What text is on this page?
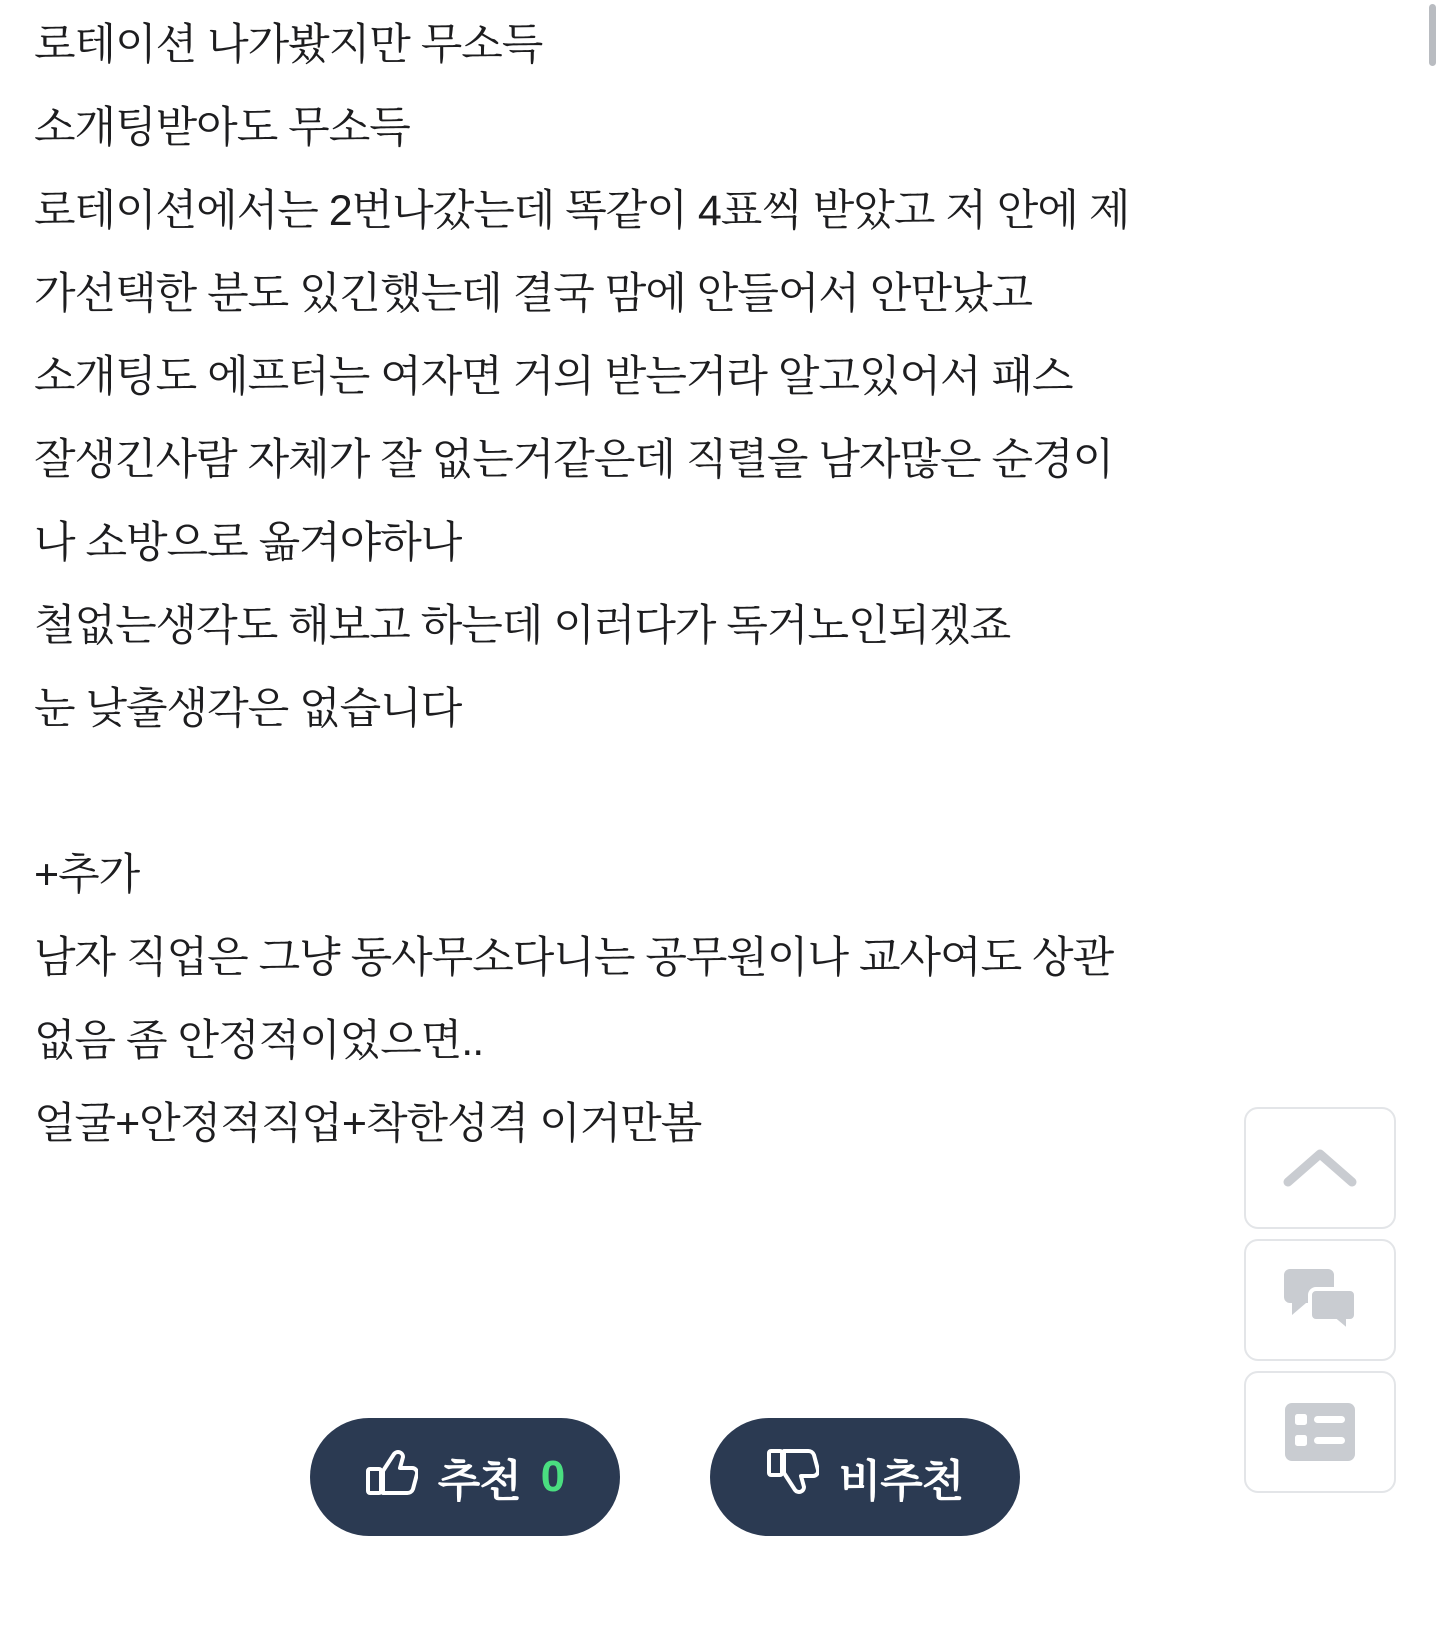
로테이션 나가봤지만 무소득
소개팅받아도 무소득
로테이션에서는 2번나갔는데 똑같이 4표씩 받았고 저 안에 제
가선택한 분도 있긴했는데 결국 맘에 안들어서 안만났고
소개팅도 에프터는 여자면 거의 받는거라 알고있어서 패스
잘생긴사람 자체가 잘 없는거같은데 직렬을 남자많은 순경이
나 소방으로 옮겨야하나
철없는생각도 해보고 하는데 이러다가 독거노인되겠죠
눈 낮출생각은 없습니다
+추가
남자 직업은 그냥 동사무소다니는 공무원이나 교사여도 상관
없음 좀 안정적이었으면..
얼굴+안정적직업+착한성격 이거만봄
추천 0	비추천
